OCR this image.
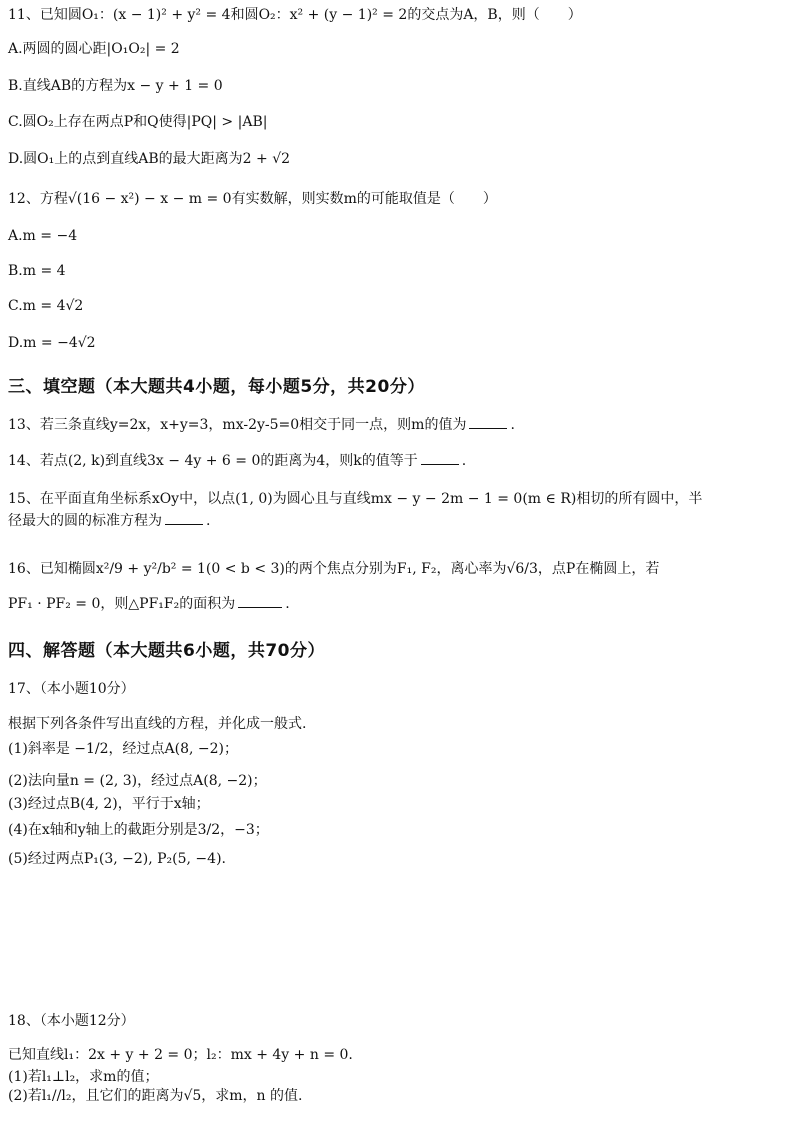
11、已知圆O₁：(x − 1)² + y² = 4和圆O₂：x² + (y − 1)² = 2的交点为A，B，则（　　）
A.两圆的圆心距|O₁O₂| = 2
B.直线AB的方程为x − y + 1 = 0
C.圆O₂上存在两点P和Q使得|PQ| > |AB|
D.圆O₁上的点到直线AB的最大距离为2 + √2
12、方程√(16 − x²) − x − m = 0有实数解，则实数m的可能取值是（　　）
A.m = −4
B.m = 4
C.m = 4√2
D.m = −4√2
三、填空题（本大题共4小题，每小题5分，共20分）
13、若三条直线y=2x，x+y=3，mx-2y-5=0相交于同一点，则m的值为	.
14、若点(2, k)到直线3x − 4y + 6 = 0的距离为4，则k的值等于	.
15、在平面直角坐标系xOy中，以点(1, 0)为圆心且与直线mx − y − 2m − 1 = 0(m ∈ R)相切的所有圆中，半
径最大的圆的标准方程为	.
16、已知椭圆x²/9 + y²/b² = 1(0 < b < 3)的两个焦点分别为F₁, F₂，离心率为√6/3，点P在椭圆上，若
PF₁ · PF₂ = 0，则△PF₁F₂的面积为	.
四、解答题（本大题共6小题，共70分）
17、（本小题10分）
根据下列各条件写出直线的方程，并化成一般式.
(1)斜率是 −1/2，经过点A(8, −2)；
(2)法向量n = (2, 3)，经过点A(8, −2)；
(3)经过点B(4, 2)，平行于x轴；
(4)在x轴和y轴上的截距分别是3/2，−3；
(5)经过两点P₁(3, −2), P₂(5, −4).
18、（本小题12分）
已知直线l₁：2x + y + 2 = 0；l₂：mx + 4y + n = 0.
(1)若l₁⊥l₂，求m的值；
(2)若l₁//l₂，且它们的距离为√5，求m，n 的值.
